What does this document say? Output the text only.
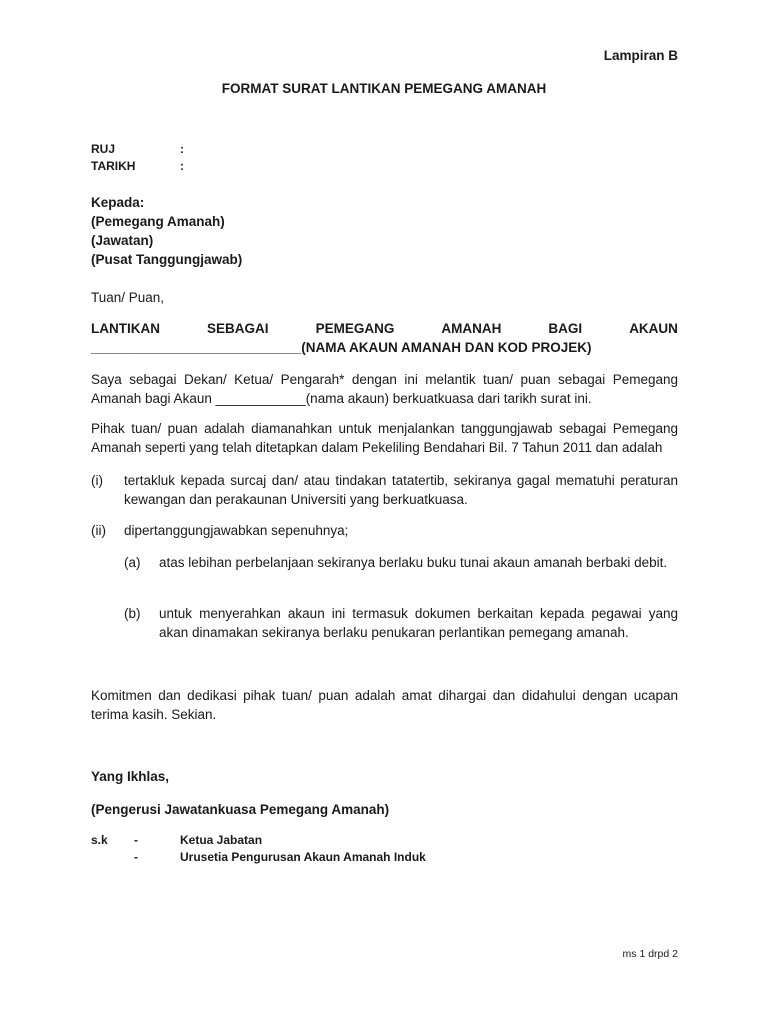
Lampiran B
FORMAT SURAT LANTIKAN PEMEGANG AMANAH
RUJ	:
TARIKH	:
Kepada:
(Pemegang Amanah)
(Jawatan)
(Pusat Tanggungjawab)
Tuan/ Puan,
LANTIKAN	SEBAGAI	PEMEGANG	AMANAH	BAGI	AKAUN
____________________________(NAMA AKAUN AMANAH DAN KOD PROJEK)
Saya sebagai Dekan/ Ketua/ Pengarah* dengan ini melantik tuan/ puan sebagai Pemegang Amanah bagi Akaun ____________(nama akaun) berkuatkuasa dari tarikh surat ini.
Pihak tuan/ puan adalah diamanahkan untuk menjalankan tanggungjawab sebagai Pemegang Amanah seperti yang telah ditetapkan dalam Pekeliling Bendahari Bil. 7 Tahun 2011 dan adalah
(i) tertakluk kepada surcaj dan/ atau tindakan tatatertib, sekiranya gagal mematuhi peraturan kewangan dan perakaunan Universiti yang berkuatkuasa.
(ii) dipertanggungjawabkan sepenuhnya;
(a) atas lebihan perbelanjaan sekiranya berlaku buku tunai akaun amanah berbaki debit.
(b) untuk menyerahkan akaun ini termasuk dokumen berkaitan kepada pegawai yang akan dinamakan sekiranya berlaku penukaran perlantikan pemegang amanah.
Komitmen dan dedikasi pihak tuan/ puan adalah amat dihargai dan didahului dengan ucapan terima kasih. Sekian.
Yang Ikhlas,
(Pengerusi Jawatankuasa Pemegang Amanah)
s.k -	Ketua Jabatan
-	Urusetia Pengurusan Akaun Amanah Induk
ms 1 drpd 2
